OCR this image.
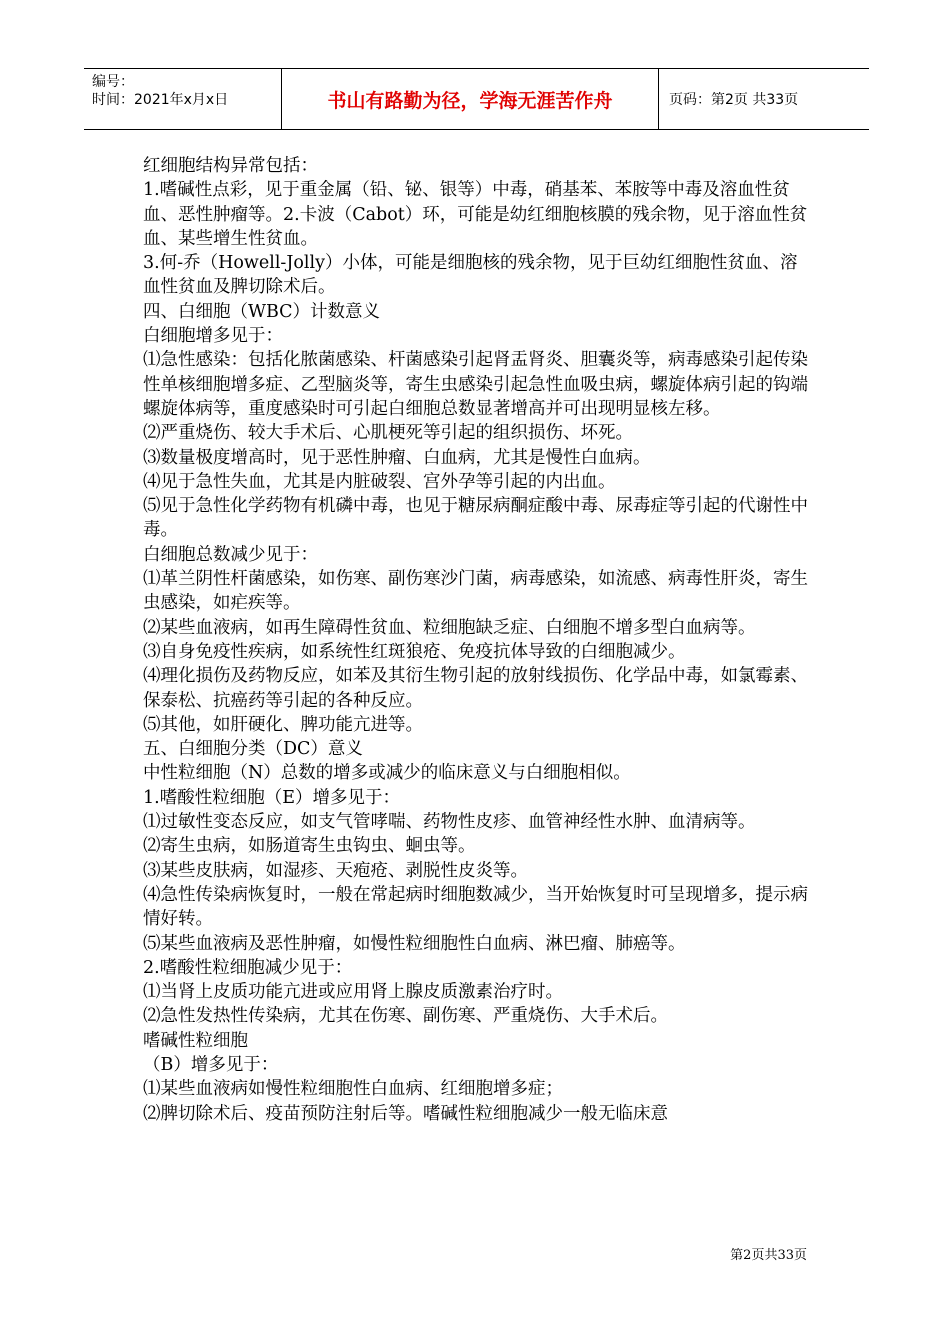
编号：
时间：2021年x月x日	书山有路勤为径，学海无涯苦作舟	页码：第2页 共33页

红细胞结构异常包括：

1.嗜碱性点彩，见于重金属（铅、铋、银等）中毒，硝基苯、苯胺等中毒及溶血性贫血、恶性肿瘤等。2.卡波（Cabot）环，可能是幼红细胞核膜的残余物，见于溶血性贫血、某些增生性贫血。

3.何-乔（Howell-Jolly）小体，可能是细胞核的残余物，见于巨幼红细胞性贫血、溶血性贫血及脾切除术后。

四、白细胞（WBC）计数意义

白细胞增多见于：

⑴急性感染：包括化脓菌感染、杆菌感染引起肾盂肾炎、胆囊炎等，病毒感染引起传染性单核细胞增多症、乙型脑炎等，寄生虫感染引起急性血吸虫病，螺旋体病引起的钩端螺旋体病等，重度感染时可引起白细胞总数显著增高并可出现明显核左移。

⑵严重烧伤、较大手术后、心肌梗死等引起的组织损伤、坏死。

⑶数量极度增高时，见于恶性肿瘤、白血病，尤其是慢性白血病。

⑷见于急性失血，尤其是内脏破裂、宫外孕等引起的内出血。

⑸见于急性化学药物有机磷中毒，也见于糖尿病酮症酸中毒、尿毒症等引起的代谢性中毒。

白细胞总数减少见于：

⑴革兰阴性杆菌感染，如伤寒、副伤寒沙门菌，病毒感染，如流感、病毒性肝炎，寄生虫感染，如疟疾等。

⑵某些血液病，如再生障碍性贫血、粒细胞缺乏症、白细胞不增多型白血病等。

⑶自身免疫性疾病，如系统性红斑狼疮、免疫抗体导致的白细胞减少。

⑷理化损伤及药物反应，如苯及其衍生物引起的放射线损伤、化学品中毒，如氯霉素、保泰松、抗癌药等引起的各种反应。

⑸其他，如肝硬化、脾功能亢进等。

五、白细胞分类（DC）意义

中性粒细胞（N）总数的增多或减少的临床意义与白细胞相似。

1.嗜酸性粒细胞（E）增多见于：

⑴过敏性变态反应，如支气管哮喘、药物性皮疹、血管神经性水肿、血清病等。

⑵寄生虫病，如肠道寄生虫钩虫、蛔虫等。

⑶某些皮肤病，如湿疹、天疱疮、剥脱性皮炎等。

⑷急性传染病恢复时，一般在常起病时细胞数减少，当开始恢复时可呈现增多，提示病情好转。

⑸某些血液病及恶性肿瘤，如慢性粒细胞性白血病、淋巴瘤、肺癌等。

2.嗜酸性粒细胞减少见于：

⑴当肾上皮质功能亢进或应用肾上腺皮质激素治疗时。

⑵急性发热性传染病，尤其在伤寒、副伤寒、严重烧伤、大手术后。

嗜碱性粒细胞

（B）增多见于：

⑴某些血液病如慢性粒细胞性白血病、红细胞增多症；

⑵脾切除术后、疫苗预防注射后等。嗜碱性粒细胞减少一般无临床意

第2页共33页
